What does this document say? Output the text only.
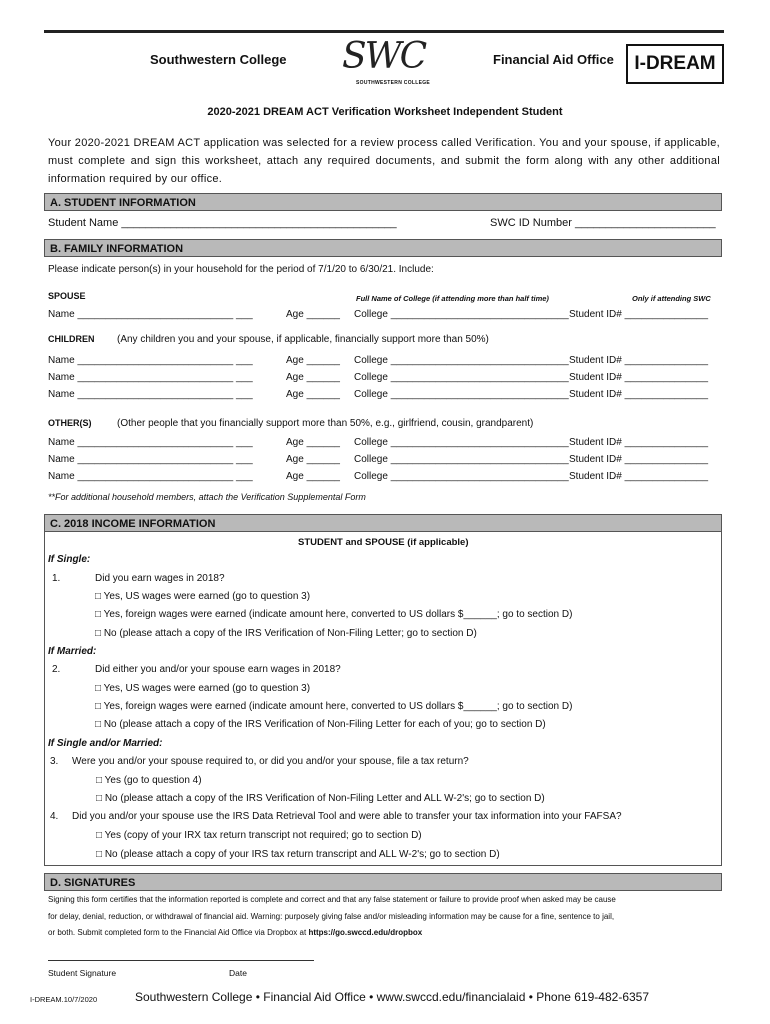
Southwestern College SWC
SOUTHWESTERN COLLEGE
Financial Aid Office	I-DREAM
2020-2021 DREAM ACT Verification Worksheet Independent Student
Your 2020-2021 DREAM ACT application was selected for a review process called Verification. You and your spouse, if applicable, must complete and sign this worksheet, attach any required documents, and submit the form along with any other additional information required by our office.
A. STUDENT INFORMATION
Student Name _____________________________________________	SWC ID Number _______________________
B. FAMILY INFORMATION
Please indicate person(s) in your household for the period of 7/1/20 to 6/30/21. Include:
SPOUSE	Full Name of College (if attending more than half time)	Only if attending SWC
Name ____________________________ ___	Age ______ College ________________________________ Student ID# _______________
CHILDREN (Any children you and your spouse, if applicable, financially support more than 50%)
Name ____________________________ ___	Age ______ College ________________________________ Student ID# _______________
Name ____________________________ ___	Age ______ College ________________________________ Student ID# _______________
Name ____________________________ ___	Age ______ College ________________________________ Student ID# _______________
OTHER(S)	(Other people that you financially support more than 50%, e.g., girlfriend, cousin, grandparent)
Name ____________________________ ___	Age ______ College ________________________________ Student ID# _______________
Name ____________________________ ___	Age ______ College ________________________________ Student ID# _______________
Name ____________________________ ___	Age ______ College ________________________________ Student ID# _______________
**For additional household members, attach the Verification Supplemental Form
C. 2018 INCOME INFORMATION
STUDENT and SPOUSE (if applicable)
If Single:
1.	Did you earn wages in 2018?
□ Yes, US wages were earned (go to question 3)
□ Yes, foreign wages were earned (indicate amount here, converted to US dollars $______; go to section D)
□ No (please attach a copy of the IRS Verification of Non-Filing Letter; go to section D)
If Married:
2.	Did either you and/or your spouse earn wages in 2018?
□ Yes, US wages were earned (go to question 3)
□ Yes, foreign wages were earned (indicate amount here, converted to US dollars $______; go to section D)
□ No (please attach a copy of the IRS Verification of Non-Filing Letter for each of you; go to section D)
If Single and/or Married:
3. Were you and/or your spouse required to, or did you and/or your spouse, file a tax return?
□ Yes (go to question 4)
□ No (please attach a copy of the IRS Verification of Non-Filing Letter and ALL W-2's; go to section D)
4. Did you and/or your spouse use the IRS Data Retrieval Tool and were able to transfer your tax information into your FAFSA?
□ Yes (copy of your IRX tax return transcript not required; go to section D)
□ No (please attach a copy of your IRS tax return transcript and ALL W-2's; go to section D)
D. SIGNATURES
Signing this form certifies that the information reported is complete and correct and that any false statement or failure to provide proof when asked may be cause
for delay, denial, reduction, or withdrawal of financial aid. Warning: purposely giving false and/or misleading information may be cause for a fine, sentence to jail,
or both. Submit completed form to the Financial Aid Office via Dropbox at https://go.swccd.edu/dropbox
Student Signature	Date
I-DREAM.10/7/2020	Southwestern College • Financial Aid Office • www.swccd.edu/financialaid • Phone 619-482-6357
